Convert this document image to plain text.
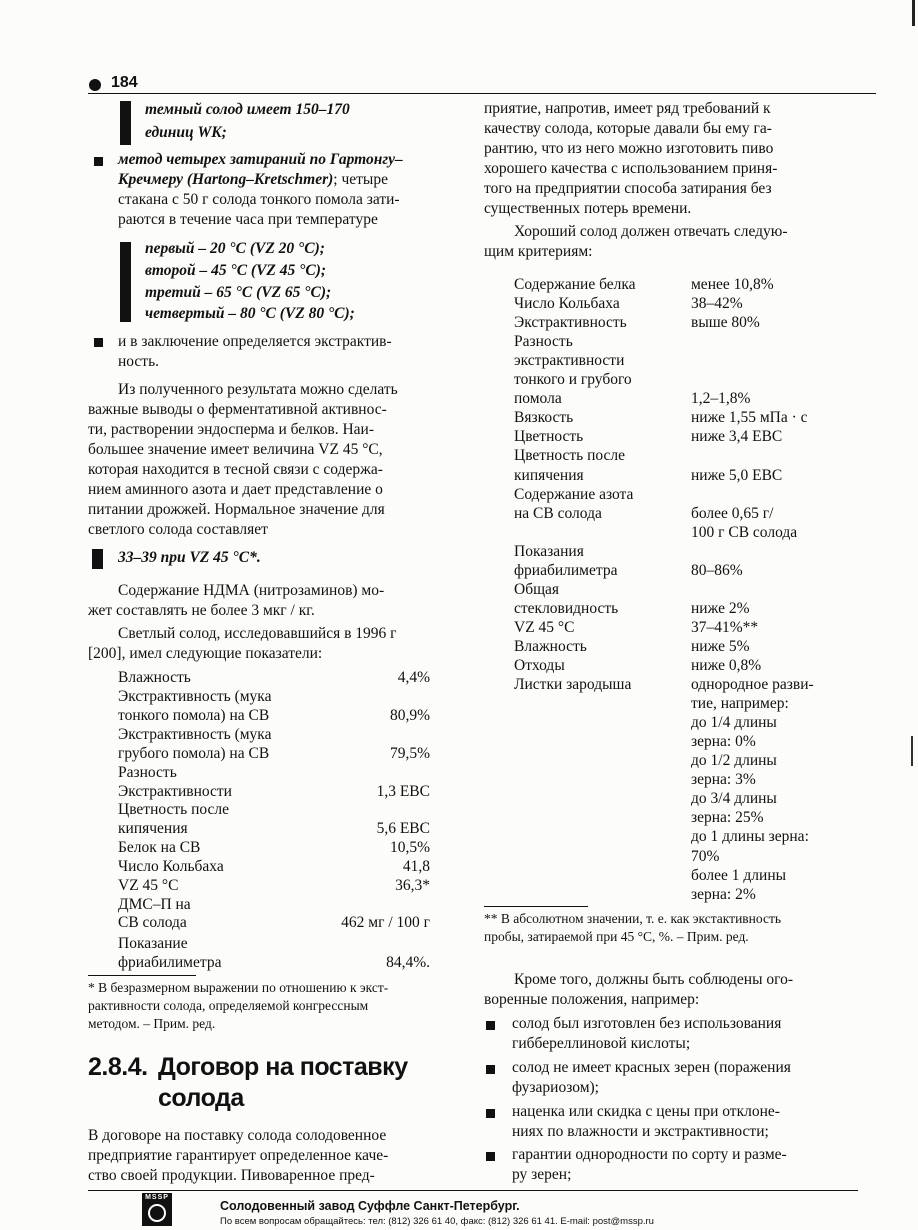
184
темный солод имеет 150–170
единиц WK;
метод четырех затираний по Гартонгу–
Кречмеру (Hartong–Kretschmer); четыре
стакана с 50 г солода тонкого помола зати-
раются в течение часа при температуре
первый – 20 °C (VZ 20 °C);
второй – 45 °C (VZ 45 °C);
третий – 65 °C (VZ 65 °C);
четвертый – 80 °C (VZ 80 °C);
и в заключение определяется экстрактив-
ность.
Из полученного результата можно сделать
важные выводы о ферментативной активнос-
ти, растворении эндосперма и белков. Наи-
большее значение имеет величина VZ 45 °C,
которая находится в тесной связи с содержа-
нием аминного азота и дает представление о
питании дрожжей. Нормальное значение для
светлого солода составляет
33–39 при VZ 45 °C*.
Содержание НДМА (нитрозаминов) мо-
жет составлять не более 3 мкг / кг.
Светлый солод, исследовавшийся в 1996 г
[200], имел следующие показатели:
Влажность	4,4%
Экстрактивность (мука
тонкого помола) на СВ	80,9%
Экстрактивность (мука
грубого помола) на СВ	79,5%
Разность
Экстрактивности	1,3 EBC
Цветность после
кипячения	5,6 EBC
Белок на СВ	10,5%
Число Кольбаха	41,8
VZ 45 °C	36,3*
ДМС–П на
СВ солода	462 мг / 100 г
Показание
фриабилиметра	84,4%.
* В безразмерном выражении по отношению к экст-
рактивности солода, определяемой конгрессным
методом. – Прим. ред.
2.8.4. Договор на поставку
солода
В договоре на поставку солода солодовенное
предприятие гарантирует определенное каче-
ство своей продукции. Пивоваренное пред-
приятие, напротив, имеет ряд требований к
качеству солода, которые давали бы ему га-
рантию, что из него можно изготовить пиво
хорошего качества с использованием приня-
того на предприятии способа затирания без
существенных потерь времени.
Хороший солод должен отвечать следую-
щим критериям:
Содержание белка	менее 10,8%
Число Кольбаха	38–42%
Экстрактивность	выше 80%
Разность
экстрактивности
тонкого и грубого
помола	1,2–1,8%
Вязкость	ниже 1,55 мПа · с
Цветность	ниже 3,4 EBC
Цветность после
кипячения	ниже 5,0 EBC
Содержание азота
на СВ солода	более 0,65 г/
100 г СВ солода
Показания
фриабилиметра	80–86%
Общая
стекловидность	ниже 2%
VZ 45 °C	37–41%**
Влажность	ниже 5%
Отходы	ниже 0,8%
Листки зародыша	однородное разви-
тие, например:
до 1/4 длины
зерна: 0%
до 1/2 длины
зерна: 3%
до 3/4 длины
зерна: 25%
до 1 длины зерна:
70%
более 1 длины
зерна: 2%
** В абсолютном значении, т. е. как экстактивность
пробы, затираемой при 45 °C, %. – Прим. ред.
Кроме того, должны быть соблюдены ого-
воренные положения, например:
солод был изготовлен без использования
гиббереллиновой кислоты;
солод не имеет красных зерен (поражения
фузариозом);
наценка или скидка с цены при отклоне-
ниях по влажности и экстрактивности;
гарантии однородности по сорту и разме-
ру зерен;
MSSP
Солодовенный завод Суффле Санкт-Петербург.
По всем вопросам обращайтесь: тел: (812) 326 61 40, факс: (812) 326 61 41. E-mail: post@mssp.ru
